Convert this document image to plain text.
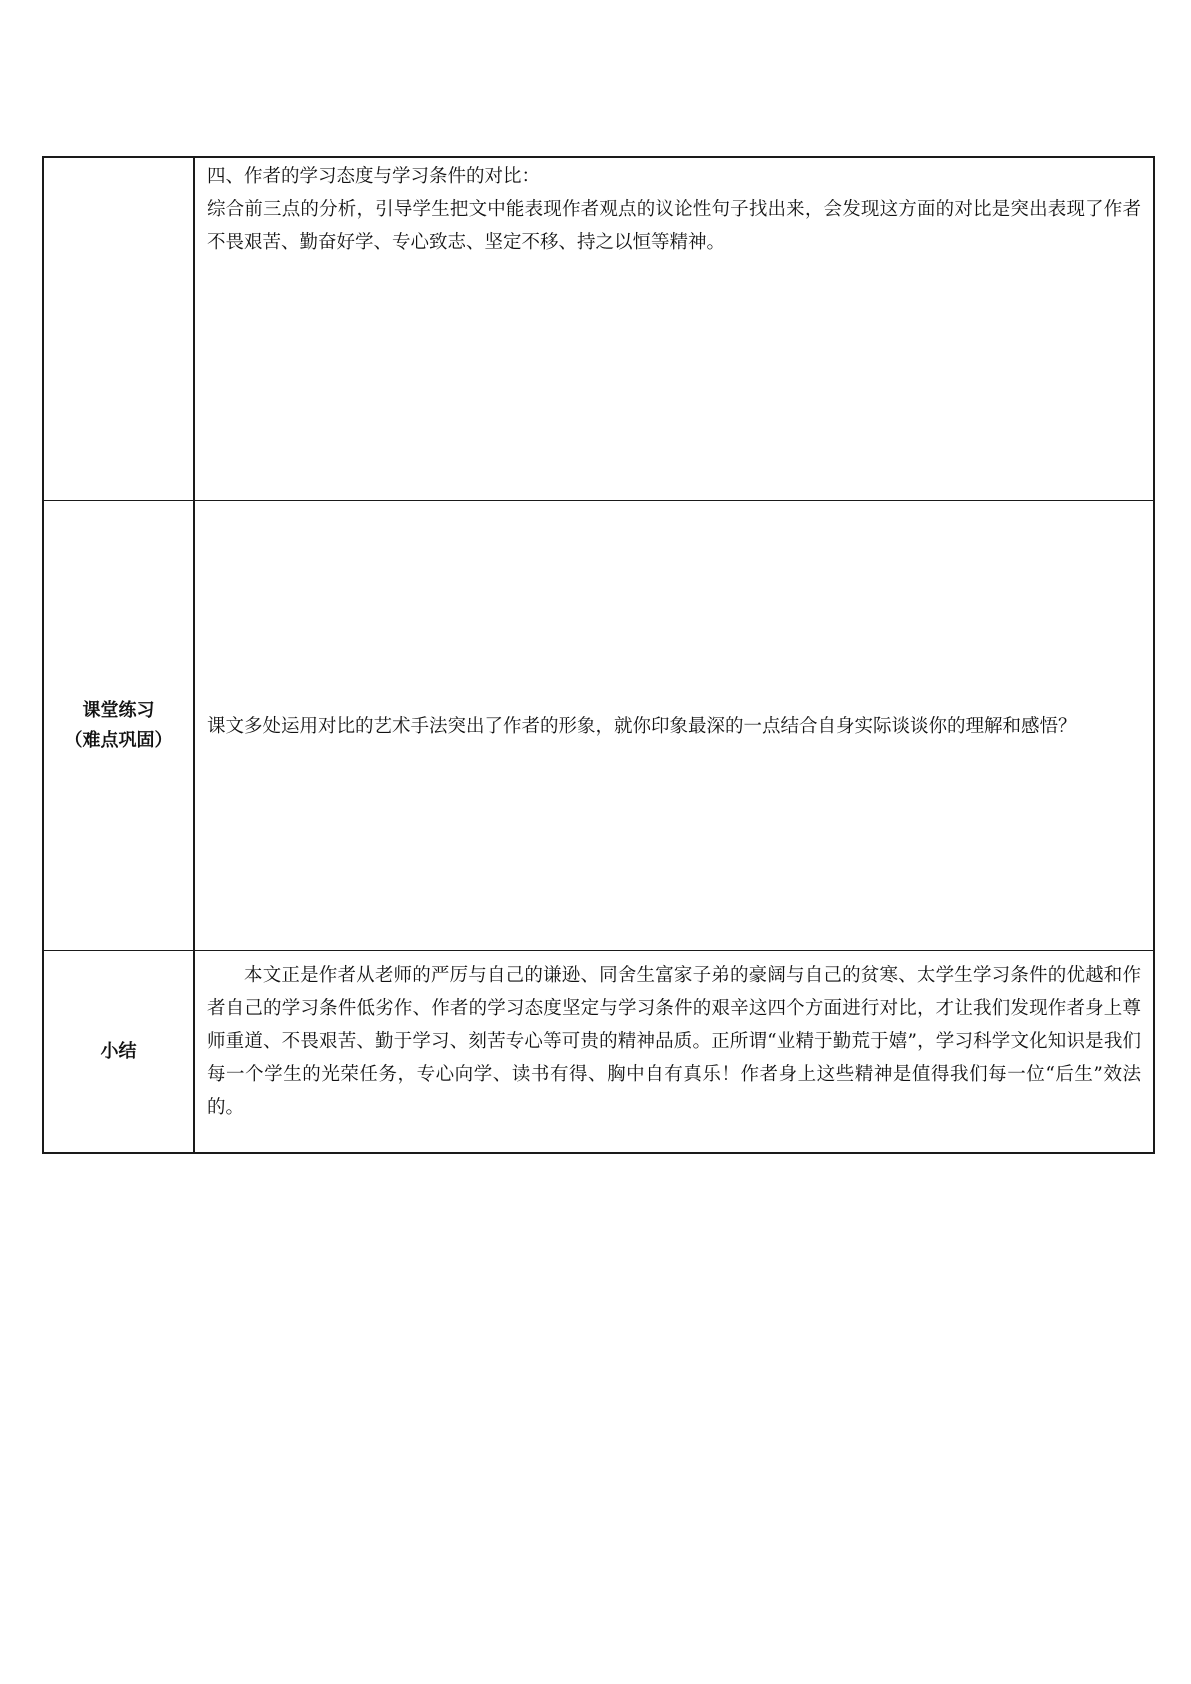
	四、作者的学习态度与学习条件的对比：

综合前三点的分析，引导学生把文中能表现作者观点的议论性句子找出来，会发现这方面的对比是突出表现了作者不畏艰苦、勤奋好学、专心致志、坚定不移、持之以恒等精神。

课堂练习
（难点巩固）	课文多处运用对比的艺术手法突出了作者的形象，就你印象最深的一点结合自身实际谈谈你的理解和感悟？

小结	本文正是作者从老师的严厉与自己的谦逊、同舍生富家子弟的豪阔与自己的贫寒、太学生学习条件的优越和作者自己的学习条件低劣作、作者的学习态度坚定与学习条件的艰辛这四个方面进行对比，才让我们发现作者身上尊师重道、不畏艰苦、勤于学习、刻苦专心等可贵的精神品质。正所谓“业精于勤荒于嬉”，学习科学文化知识是我们每一个学生的光荣任务，专心向学、读书有得、胸中自有真乐！作者身上这些精神是值得我们每一位“后生”效法的。
